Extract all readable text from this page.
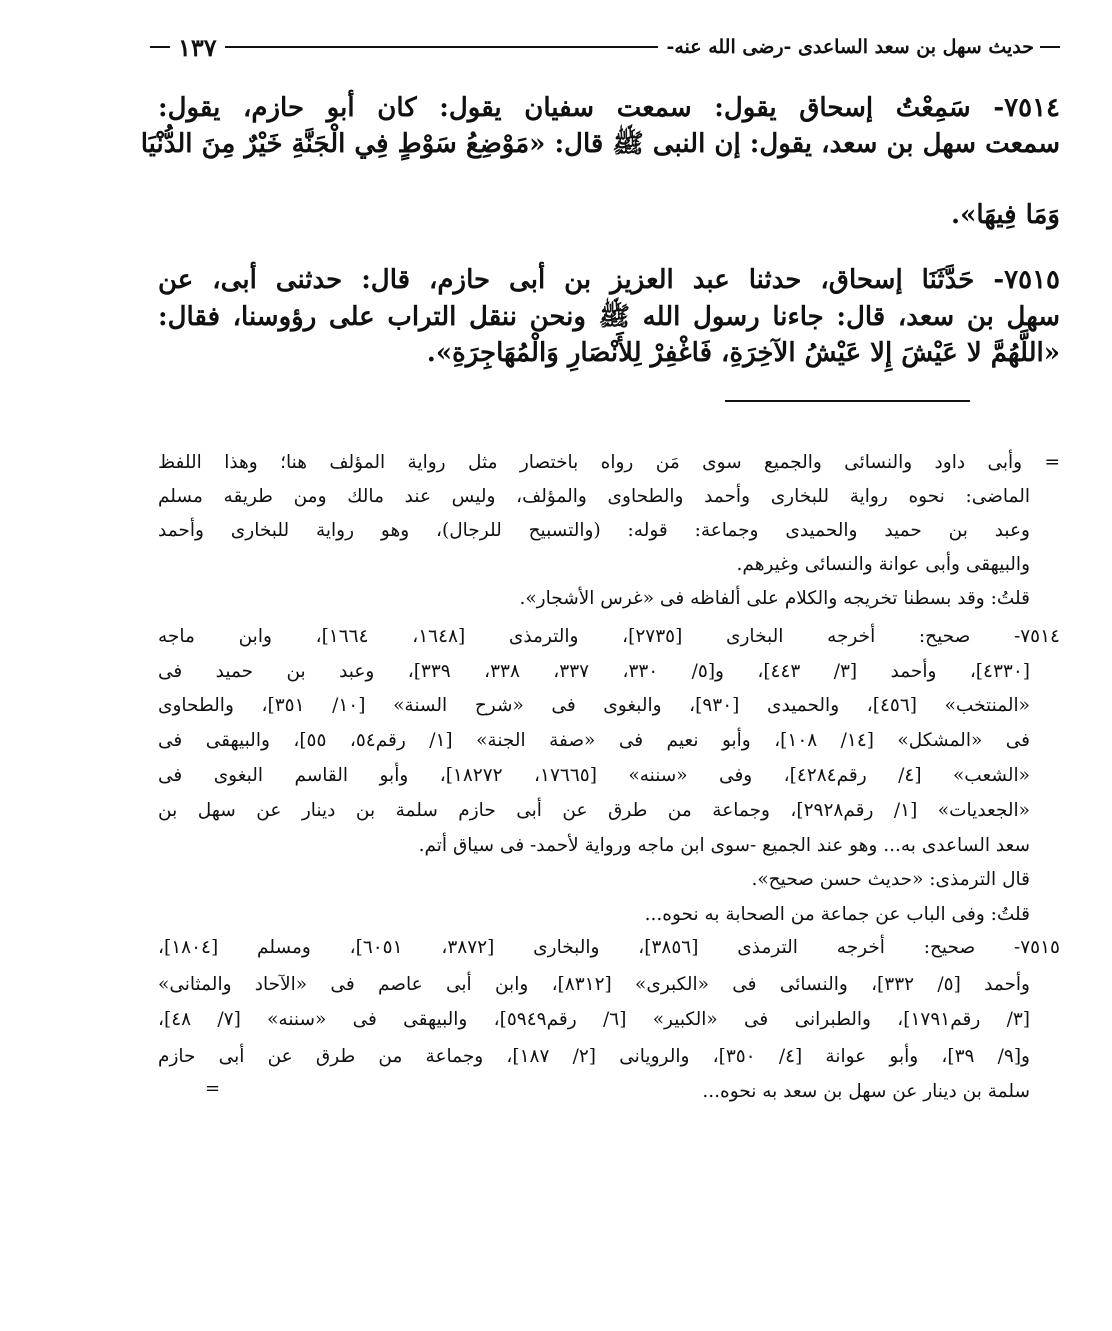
حديث سهل بن سعد الساعدى -رضى الله عنه-
١٣٧
٧٥١٤- سَمِعْتُ إسحاق يقول: سمعت سفيان يقول: كان أبو حازم، يقول:
سمعت سهل بن سعد، يقول: إن النبى ﷺ قال: «مَوْضِعُ سَوْطٍ فِي الْجَنَّةِ خَيْرٌ مِنَ الدُّنْيَا
وَمَا فِيهَا».
٧٥١٥- حَدَّثَنَا إسحاق، حدثنا عبد العزيز بن أبى حازم، قال: حدثنى أبى، عن
سهل بن سعد، قال: جاءنا رسول الله ﷺ ونحن ننقل التراب على رؤوسنا، فقال:
«اللَّهُمَّ لا عَيْشَ إِلا عَيْشُ الآخِرَةِ، فَاغْفِرْ لِلأَنْصَارِ وَالْمُهَاجِرَةِ».
= وأبى داود والنسائى والجميع سوى مَن رواه باختصار مثل رواية المؤلف هنا؛ وهذا اللفظ
الماضى: نحوه رواية للبخارى وأحمد والطحاوى والمؤلف، وليس عند مالك ومن طريقه مسلم
وعبد بن حميد والحميدى وجماعة: قوله: (والتسبيح للرجال)، وهو رواية للبخارى وأحمد
والبيهقى وأبى عوانة والنسائى وغيرهم.
قلتُ: وقد بسطنا تخريجه والكلام على ألفاظه فى «غرس الأشجار».
٧٥١٤- صحيح: أخرجه البخارى [٢٧٣٥]، والترمذى [١٦٤٨، ١٦٦٤]، وابن ماجه
[٤٣٣٠]، وأحمد [٣/ ٤٤٣]، و[٥/ ٣٣٠، ٣٣٧، ٣٣٨، ٣٣٩]، وعبد بن حميد فى
«المنتخب» [٤٥٦]، والحميدى [٩٣٠]، والبغوى فى «شرح السنة» [١٠/ ٣٥١]، والطحاوى
فى «المشكل» [١٤/ ١٠٨]، وأبو نعيم فى «صفة الجنة» [١/ رقم٥٤، ٥٥]، والبيهقى فى
«الشعب» [٤/ رقم٤٢٨٤]، وفى «سننه» [١٧٦٦٥، ١٨٢٧٢]، وأبو القاسم البغوى فى
«الجعديات» [١/ رقم٢٩٢٨]، وجماعة من طرق عن أبى حازم سلمة بن دينار عن سهل بن
سعد الساعدى به... وهو عند الجميع -سوى ابن ماجه ورواية لأحمد- فى سياق أتم.
قال الترمذى: «حديث حسن صحيح».
قلتُ: وفى الباب عن جماعة من الصحابة به نحوه...
٧٥١٥- صحيح: أخرجه الترمذى [٣٨٥٦]، والبخارى [٣٨٧٢، ٦٠٥١]، ومسلم [١٨٠٤]،
وأحمد [٥/ ٣٣٢]، والنسائى فى «الكبرى» [٨٣١٢]، وابن أبى عاصم فى «الآحاد والمثانى»
[٣/ رقم١٧٩١]، والطبرانى فى «الكبير» [٦/ رقم٥٩٤٩]، والبيهقى فى «سننه» [٧/ ٤٨]،
و[٩/ ٣٩]، وأبو عوانة [٤/ ٣٥٠]، والرويانى [٢/ ١٨٧]، وجماعة من طرق عن أبى حازم
سلمة بن دينار عن سهل بن سعد به نحوه...
=
